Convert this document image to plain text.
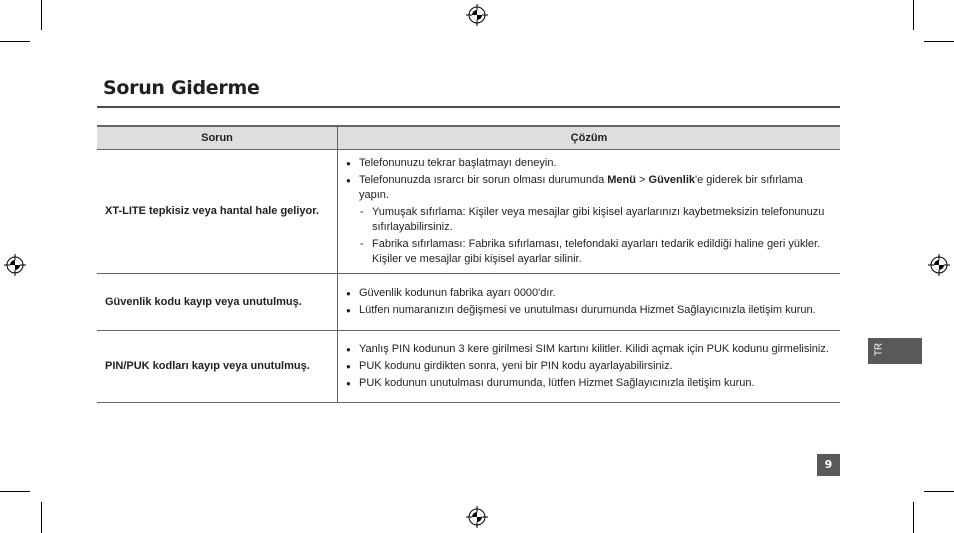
Sorun Giderme
Sorun	Çözüm
XT-LITE tepkisiz veya hantal hale geliyor.	
● Telefonunuzu tekrar başlatmayı deneyin.
● Telefonunuzda ısrarcı bir sorun olması durumunda Menü > Güvenlik'e giderek bir sıfırlama yapın.
- Yumuşak sıfırlama: Kişiler veya mesajlar gibi kişisel ayarlarınızı kaybetmeksizin telefonunuzu sıfırlayabilirsiniz.
- Fabrika sıfırlaması: Fabrika sıfırlaması, telefondaki ayarları tedarik edildiği haline geri yükler. Kişiler ve mesajlar gibi kişisel ayarlar silinir.

Güvenlik kodu kayıp veya unutulmuş.	
● Güvenlik kodunun fabrika ayarı 0000'dır.
● Lütfen numaranızın değişmesi ve unutulması durumunda Hizmet Sağlayıcınızla iletişim kurun.

PIN/PUK kodları kayıp veya unutulmuş.	
● Yanlış PIN kodunun 3 kere girilmesi SIM kartını kilitler. Kilidi açmak için PUK kodunu girmelisiniz.
● PUK kodunu girdikten sonra, yeni bir PIN kodu ayarlayabilirsiniz.
● PUK kodunun unutulması durumunda, lütfen Hizmet Sağlayıcınızla iletişim kurun.
TR
9
